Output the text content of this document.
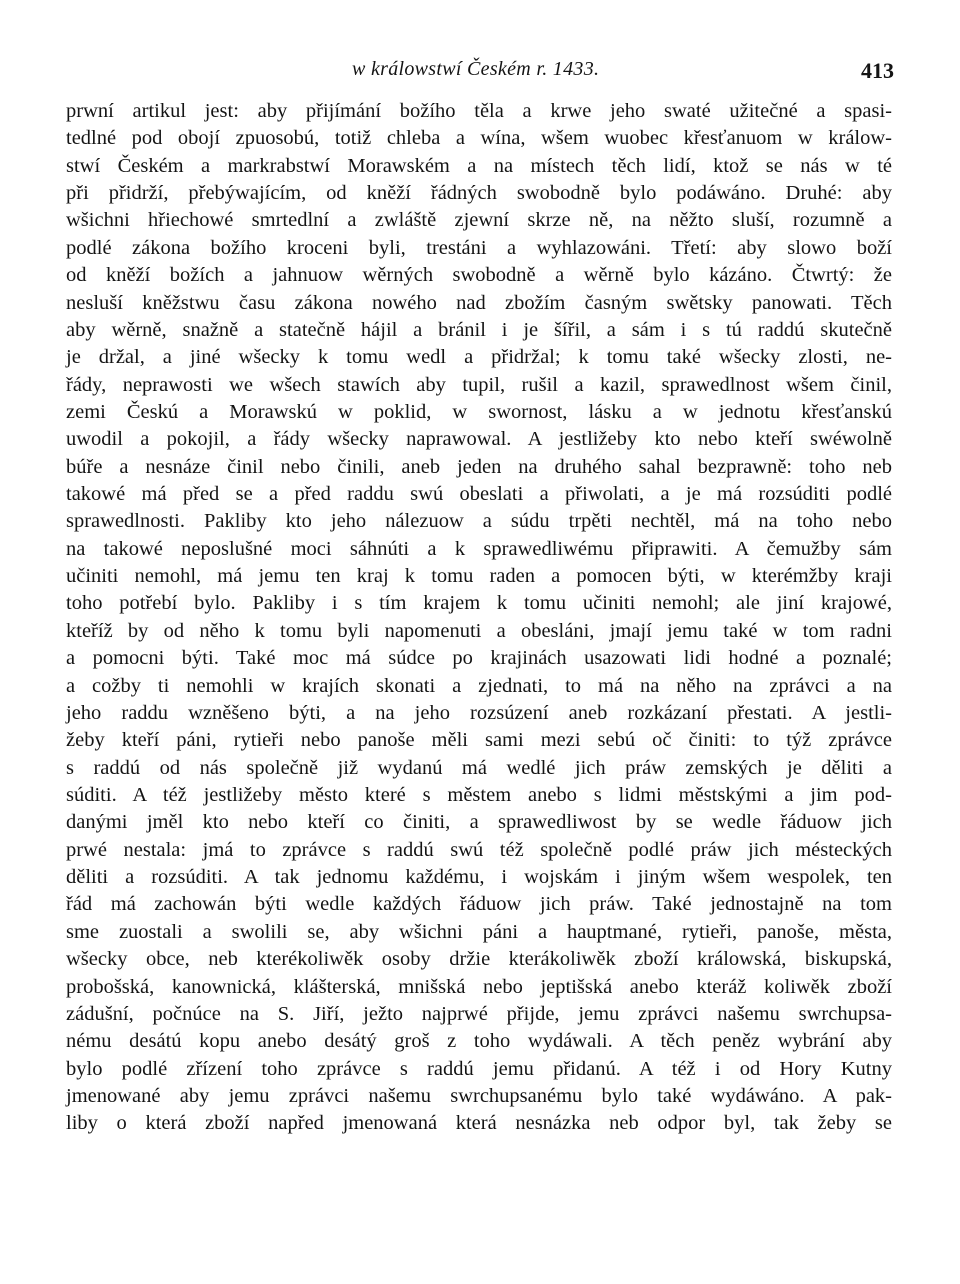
w králowstwí Českém r. 1433.	413
prwní artikul jest: aby přijímání božího těla a krwe jeho swaté užitečné a spasi-
tedlné pod obojí zpuosobú, totiž chleba a wína, wšem wuobec křesťanuom w králow-
stwí Českém a markrabstwí Morawském a na místech těch lidí, ktož se nás w té
při přidrží, přebýwajícím, od kněží řádných swobodně bylo podáwáno. Druhé: aby
wšichni hřiechowé smrtedlní a zwláště zjewní skrze ně, na něžto sluší, rozumně a
podlé zákona božího kroceni byli, trestáni a wyhlazowáni. Třetí: aby slowo boží
od kněží božích a jahnuow wěrných swobodně a wěrně bylo kázáno. Čtwrtý: že
nesluší kněžstwu času zákona nowého nad zbožím časným swětsky panowati. Těch
aby wěrně, snažně a statečně hájil a bránil i je šířil, a sám i s tú raddú skutečně
je držal, a jiné wšecky k tomu wedl a přidržal; k tomu také wšecky zlosti, ne-
řády, neprawosti we wšech stawích aby tupil, rušil a kazil, sprawedlnost wšem činil,
zemi Českú a Morawskú w poklid, w swornost, lásku a w jednotu křesťanskú
uwodil a pokojil, a řády wšecky naprawowal. A jestližeby kto nebo kteří swéwolně
búře a nesnáze činil nebo činili, aneb jeden na druhého sahal bezprawně: toho neb
takowé má před se a před raddu swú obeslati a přiwolati, a je má rozsúditi podlé
sprawedlnosti. Pakliby kto jeho nálezuow a súdu trpěti nechtěl, má na toho nebo
na takowé neposlušné moci sáhnúti a k sprawedliwému připrawiti. A čemužby sám
učiniti nemohl, má jemu ten kraj k tomu raden a pomocen býti, w kterémžby kraji
toho potřebí bylo. Pakliby i s tím krajem k tomu učiniti nemohl; ale jiní krajowé,
kteříž by od něho k tomu byli napomenuti a obesláni, jmají jemu také w tom radni
a pomocni býti. Také moc má súdce po krajinách usazowati lidi hodné a poznalé;
a cožby ti nemohli w krajích skonati a zjednati, to má na něho na zprávci a na
jeho raddu wzněšeno býti, a na jeho rozsúzení aneb rozkázaní přestati. A jestli-
žeby kteří páni, rytieři nebo panoše měli sami mezi sebú oč činiti: to týž zprávce
s raddú od nás společně již wydanú má wedlé jich práw zemských je děliti a
súditi. A též jestližeby město které s městem anebo s lidmi městskými a jim pod-
danými jměl kto nebo kteří co činiti, a sprawedliwost by se wedle řáduow jich
prwé nestala: jmá to zprávce s raddú swú též společně podlé práw jich mésteckých
děliti a rozsúditi. A tak jednomu každému, i wojskám i jiným wšem wespolek, ten
řád má zachowán býti wedle každých řáduow jich práw. Také jednostajně na tom
sme zuostali a swolili se, aby wšichni páni a hauptmané, rytieři, panoše, města,
wšecky obce, neb kterékoliwěk osoby držie kterákoliwěk zboží králowská, biskupská,
probošská, kanownická, klášterská, mnišská nebo jeptišská anebo kteráž koliwěk zboží
zádušní, počnúce na S. Jiří, ježto najprwé přijde, jemu zprávci našemu swrchupsa-
nému desátú kopu anebo desátý groš z toho wydáwali. A těch peněz wybrání aby
bylo podlé zřízení toho zprávce s raddú jemu přidanú. A též i od Hory Kutny
jmenowané aby jemu zprávci našemu swrchupsanému bylo také wydáwáno. A pak-
liby o která zboží napřed jmenowaná která nesnázka neb odpor byl, tak žeby se
